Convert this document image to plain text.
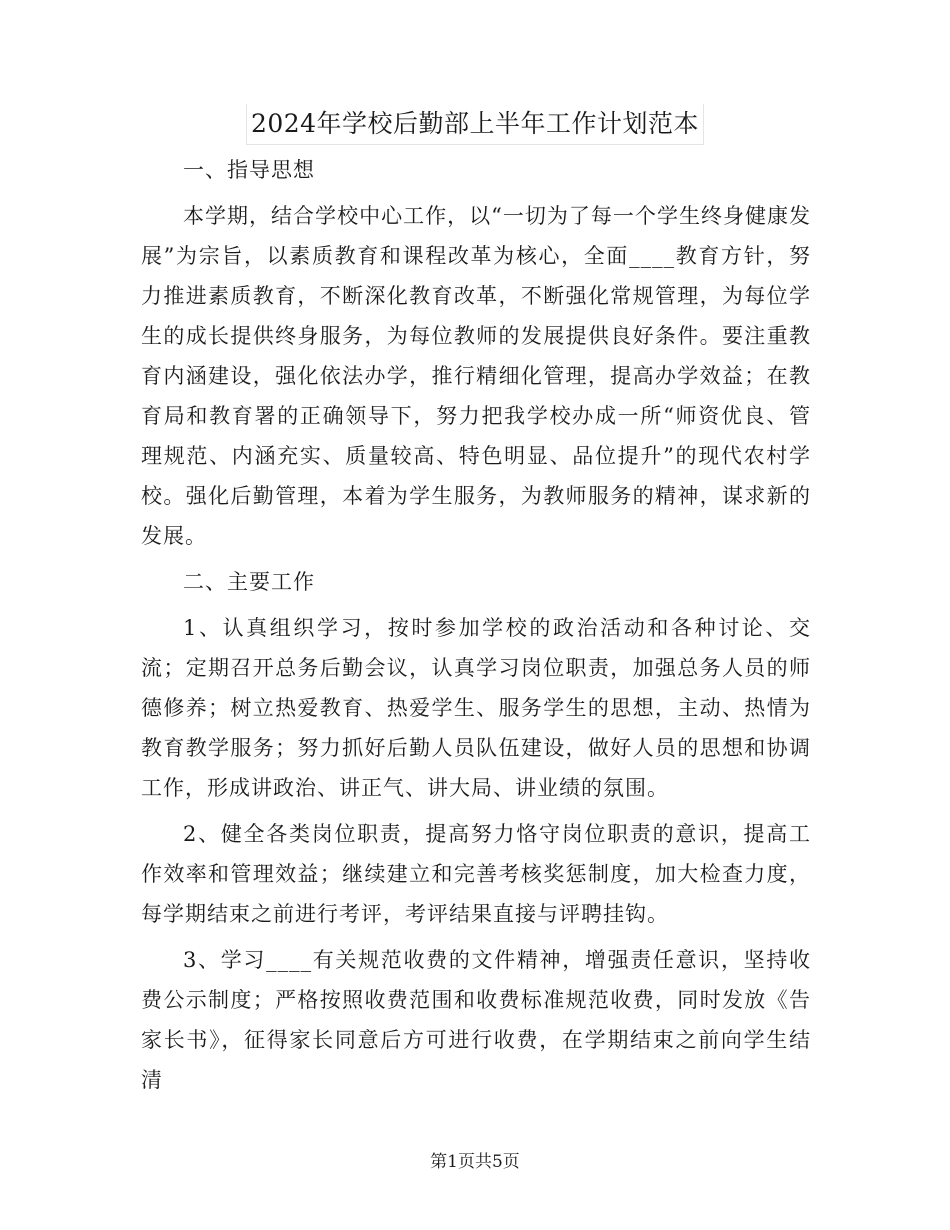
2024年学校后勤部上半年工作计划范本

一、指导思想

本学期，结合学校中心工作，以“一切为了每一个学生终身健康发展”为宗旨，以素质教育和课程改革为核心，全面____教育方针，努力推进素质教育，不断深化教育改革，不断强化常规管理，为每位学生的成长提供终身服务，为每位教师的发展提供良好条件。要注重教育内涵建设，强化依法办学，推行精细化管理，提高办学效益；在教育局和教育署的正确领导下，努力把我学校办成一所“师资优良、管理规范、内涵充实、质量较高、特色明显、品位提升”的现代农村学校。强化后勤管理，本着为学生服务，为教师服务的精神，谋求新的发展。

二、主要工作

1、认真组织学习，按时参加学校的政治活动和各种讨论、交流；定期召开总务后勤会议，认真学习岗位职责，加强总务人员的师德修养；树立热爱教育、热爱学生、服务学生的思想，主动、热情为教育教学服务；努力抓好后勤人员队伍建设，做好人员的思想和协调工作，形成讲政治、讲正气、讲大局、讲业绩的氛围。

2、健全各类岗位职责，提高努力恪守岗位职责的意识，提高工作效率和管理效益；继续建立和完善考核奖惩制度，加大检查力度，每学期结束之前进行考评，考评结果直接与评聘挂钩。

3、学习____有关规范收费的文件精神，增强责任意识，坚持收费公示制度；严格按照收费范围和收费标准规范收费，同时发放《告家长书》，征得家长同意后方可进行收费，在学期结束之前向学生结清

第1页共5页
